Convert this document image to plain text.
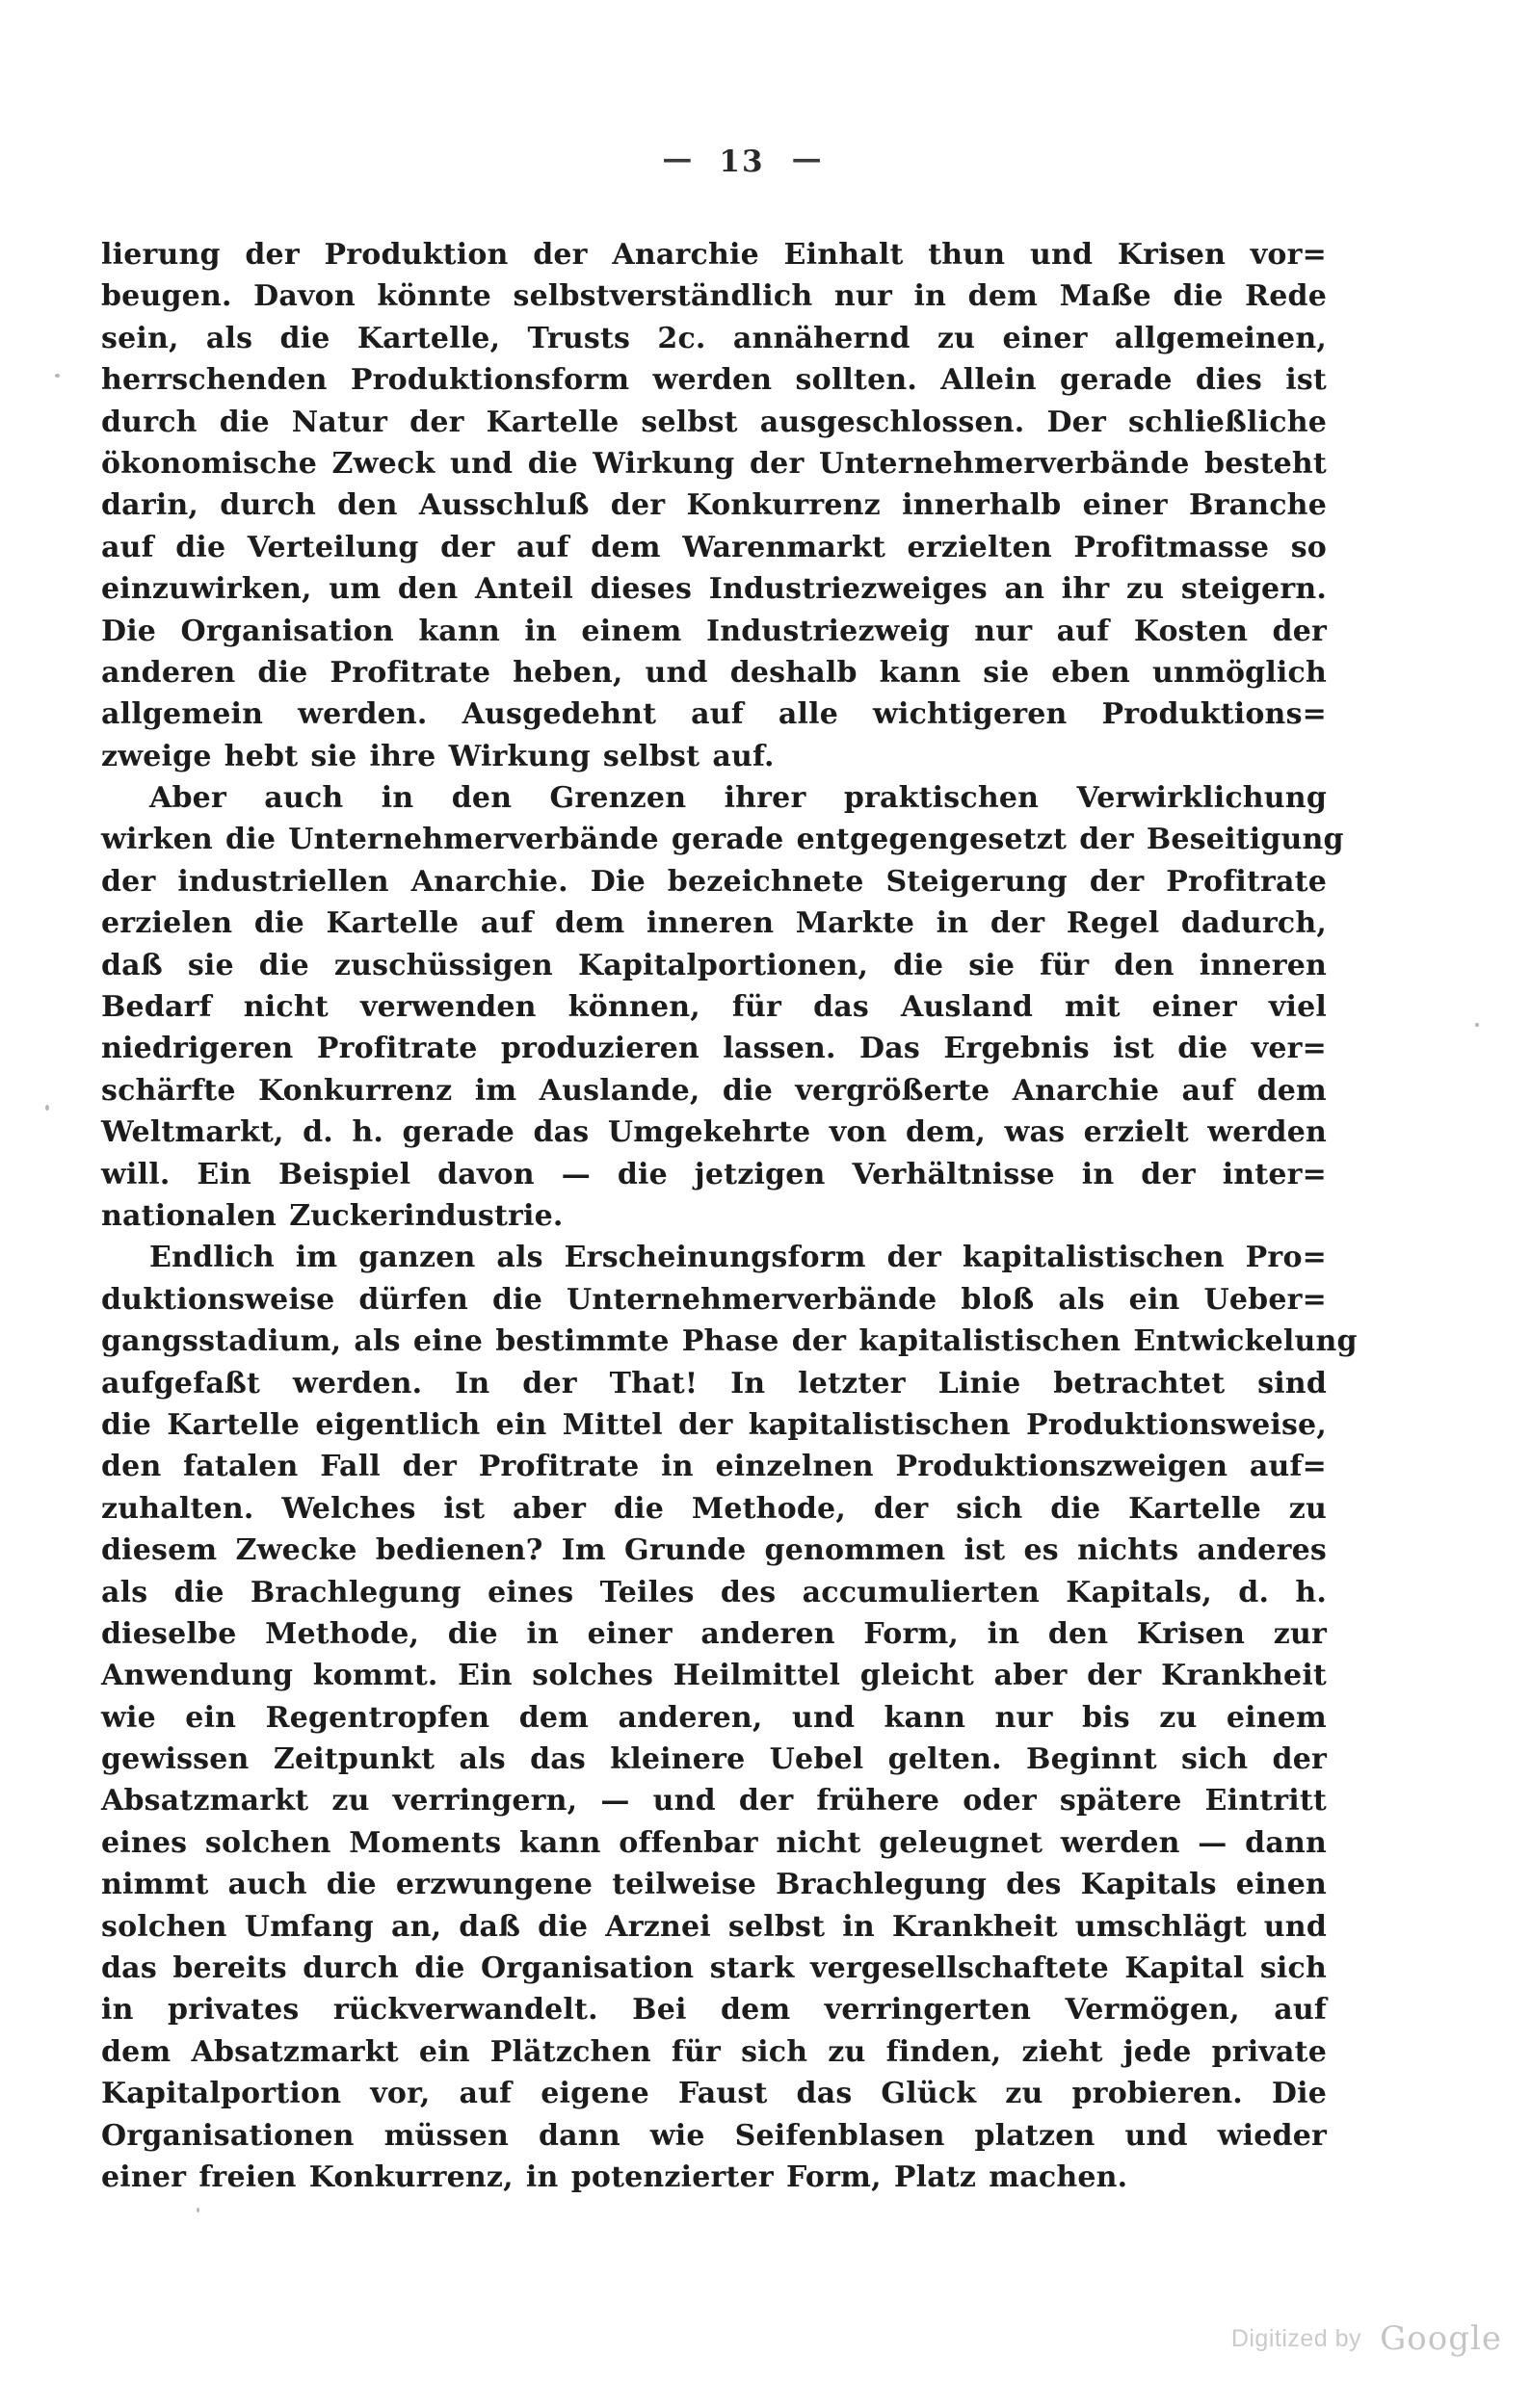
— 13 —
lierung der Produktion der Anarchie Einhalt thun und Krisen vor=
beugen. Davon könnte selbstverständlich nur in dem Maße die Rede
sein, als die Kartelle, Trusts 2c. annähernd zu einer allgemeinen,
herrschenden Produktionsform werden sollten. Allein gerade dies ist
durch die Natur der Kartelle selbst ausgeschlossen. Der schließliche
ökonomische Zweck und die Wirkung der Unternehmerverbände besteht
darin, durch den Ausschluß der Konkurrenz innerhalb einer Branche
auf die Verteilung der auf dem Warenmarkt erzielten Profitmasse so
einzuwirken, um den Anteil dieses Industriezweiges an ihr zu steigern.
Die Organisation kann in einem Industriezweig nur auf Kosten der
anderen die Profitrate heben, und deshalb kann sie eben unmöglich
allgemein werden. Ausgedehnt auf alle wichtigeren Produktions=
zweige hebt sie ihre Wirkung selbst auf.
Aber auch in den Grenzen ihrer praktischen Verwirklichung
wirken die Unternehmerverbände gerade entgegengesetzt der Beseitigung
der industriellen Anarchie. Die bezeichnete Steigerung der Profitrate
erzielen die Kartelle auf dem inneren Markte in der Regel dadurch,
daß sie die zuschüssigen Kapitalportionen, die sie für den inneren
Bedarf nicht verwenden können, für das Ausland mit einer viel
niedrigeren Profitrate produzieren lassen. Das Ergebnis ist die ver=
schärfte Konkurrenz im Auslande, die vergrößerte Anarchie auf dem
Weltmarkt, d. h. gerade das Umgekehrte von dem, was erzielt werden
will. Ein Beispiel davon — die jetzigen Verhältnisse in der inter=
nationalen Zuckerindustrie.
Endlich im ganzen als Erscheinungsform der kapitalistischen Pro=
duktionsweise dürfen die Unternehmerverbände bloß als ein Ueber=
gangsstadium, als eine bestimmte Phase der kapitalistischen Entwickelung
aufgefaßt werden. In der That! In letzter Linie betrachtet sind
die Kartelle eigentlich ein Mittel der kapitalistischen Produktionsweise,
den fatalen Fall der Profitrate in einzelnen Produktionszweigen auf=
zuhalten. Welches ist aber die Methode, der sich die Kartelle zu
diesem Zwecke bedienen? Im Grunde genommen ist es nichts anderes
als die Brachlegung eines Teiles des accumulierten Kapitals, d. h.
dieselbe Methode, die in einer anderen Form, in den Krisen zur
Anwendung kommt. Ein solches Heilmittel gleicht aber der Krankheit
wie ein Regentropfen dem anderen, und kann nur bis zu einem
gewissen Zeitpunkt als das kleinere Uebel gelten. Beginnt sich der
Absatzmarkt zu verringern, — und der frühere oder spätere Eintritt
eines solchen Moments kann offenbar nicht geleugnet werden — dann
nimmt auch die erzwungene teilweise Brachlegung des Kapitals einen
solchen Umfang an, daß die Arznei selbst in Krankheit umschlägt und
das bereits durch die Organisation stark vergesellschaftete Kapital sich
in privates rückverwandelt. Bei dem verringerten Vermögen, auf
dem Absatzmarkt ein Plätzchen für sich zu finden, zieht jede private
Kapitalportion vor, auf eigene Faust das Glück zu probieren. Die
Organisationen müssen dann wie Seifenblasen platzen und wieder
einer freien Konkurrenz, in potenzierter Form, Platz machen.
Digitized by Google
